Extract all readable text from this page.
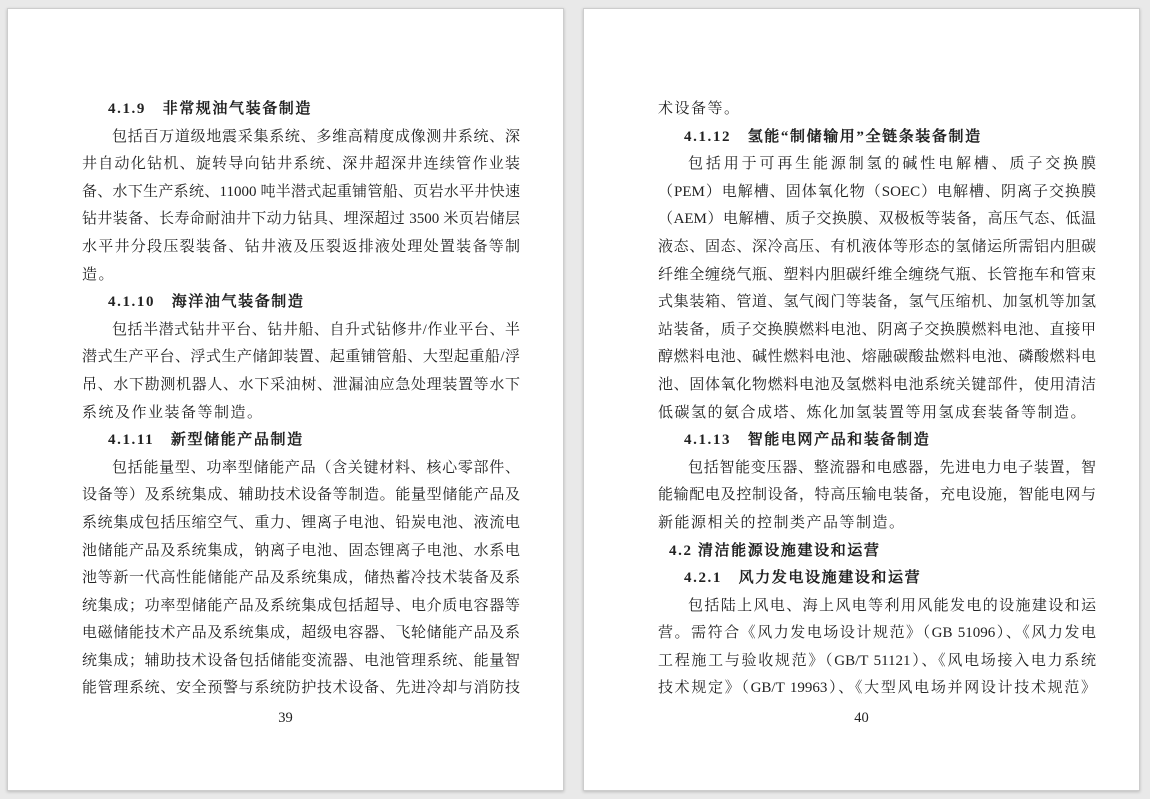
4.1.9　非常规油气装备制造
包括百万道级地震采集系统、多维高精度成像测井系统、深
井自动化钻机、旋转导向钻井系统、深井超深井连续管作业装
备、水下生产系统、11000 吨半潜式起重铺管船、页岩水平井快速
钻井装备、长寿命耐油井下动力钻具、埋深超过 3500 米页岩储层
水平井分段压裂装备、钻井液及压裂返排液处理处置装备等制
造。
4.1.10　海洋油气装备制造
包括半潜式钻井平台、钻井船、自升式钻修井/作业平台、半
潜式生产平台、浮式生产储卸装置、起重铺管船、大型起重船/浮
吊、水下勘测机器人、水下采油树、泄漏油应急处理装置等水下
系统及作业装备等制造。
4.1.11　新型储能产品制造
包括能量型、功率型储能产品（含关键材料、核心零部件、
设备等）及系统集成、辅助技术设备等制造。能量型储能产品及
系统集成包括压缩空气、重力、锂离子电池、铅炭电池、液流电
池储能产品及系统集成，钠离子电池、固态锂离子电池、水系电
池等新一代高性能储能产品及系统集成，储热蓄冷技术装备及系
统集成；功率型储能产品及系统集成包括超导、电介质电容器等
电磁储能技术产品及系统集成，超级电容器、飞轮储能产品及系
统集成；辅助技术设备包括储能变流器、电池管理系统、能量智
能管理系统、安全预警与系统防护技术设备、先进冷却与消防技
39
术设备等。
4.1.12　氢能“制储输用”全链条装备制造
包括用于可再生能源制氢的碱性电解槽、质子交换膜
（PEM）电解槽、固体氧化物（SOEC）电解槽、阴离子交换膜
（AEM）电解槽、质子交换膜、双极板等装备，高压气态、低温
液态、固态、深冷高压、有机液体等形态的氢储运所需铝内胆碳
纤维全缠绕气瓶、塑料内胆碳纤维全缠绕气瓶、长管拖车和管束
式集装箱、管道、氢气阀门等装备，氢气压缩机、加氢机等加氢
站装备，质子交换膜燃料电池、阴离子交换膜燃料电池、直接甲
醇燃料电池、碱性燃料电池、熔融碳酸盐燃料电池、磷酸燃料电
池、固体氧化物燃料电池及氢燃料电池系统关键部件，使用清洁
低碳氢的氨合成塔、炼化加氢装置等用氢成套装备等制造。
4.1.13　智能电网产品和装备制造
包括智能变压器、整流器和电感器，先进电力电子装置，智
能输配电及控制设备，特高压输电装备，充电设施，智能电网与
新能源相关的控制类产品等制造。
4.2 清洁能源设施建设和运营
4.2.1　风力发电设施建设和运营
包括陆上风电、海上风电等利用风能发电的设施建设和运
营。需符合《风力发电场设计规范》（GB 51096）、《风力发电
工程施工与验收规范》（GB/T 51121）、《风电场接入电力系统
技术规定》（GB/T 19963）、《大型风电场并网设计技术规范》
40
